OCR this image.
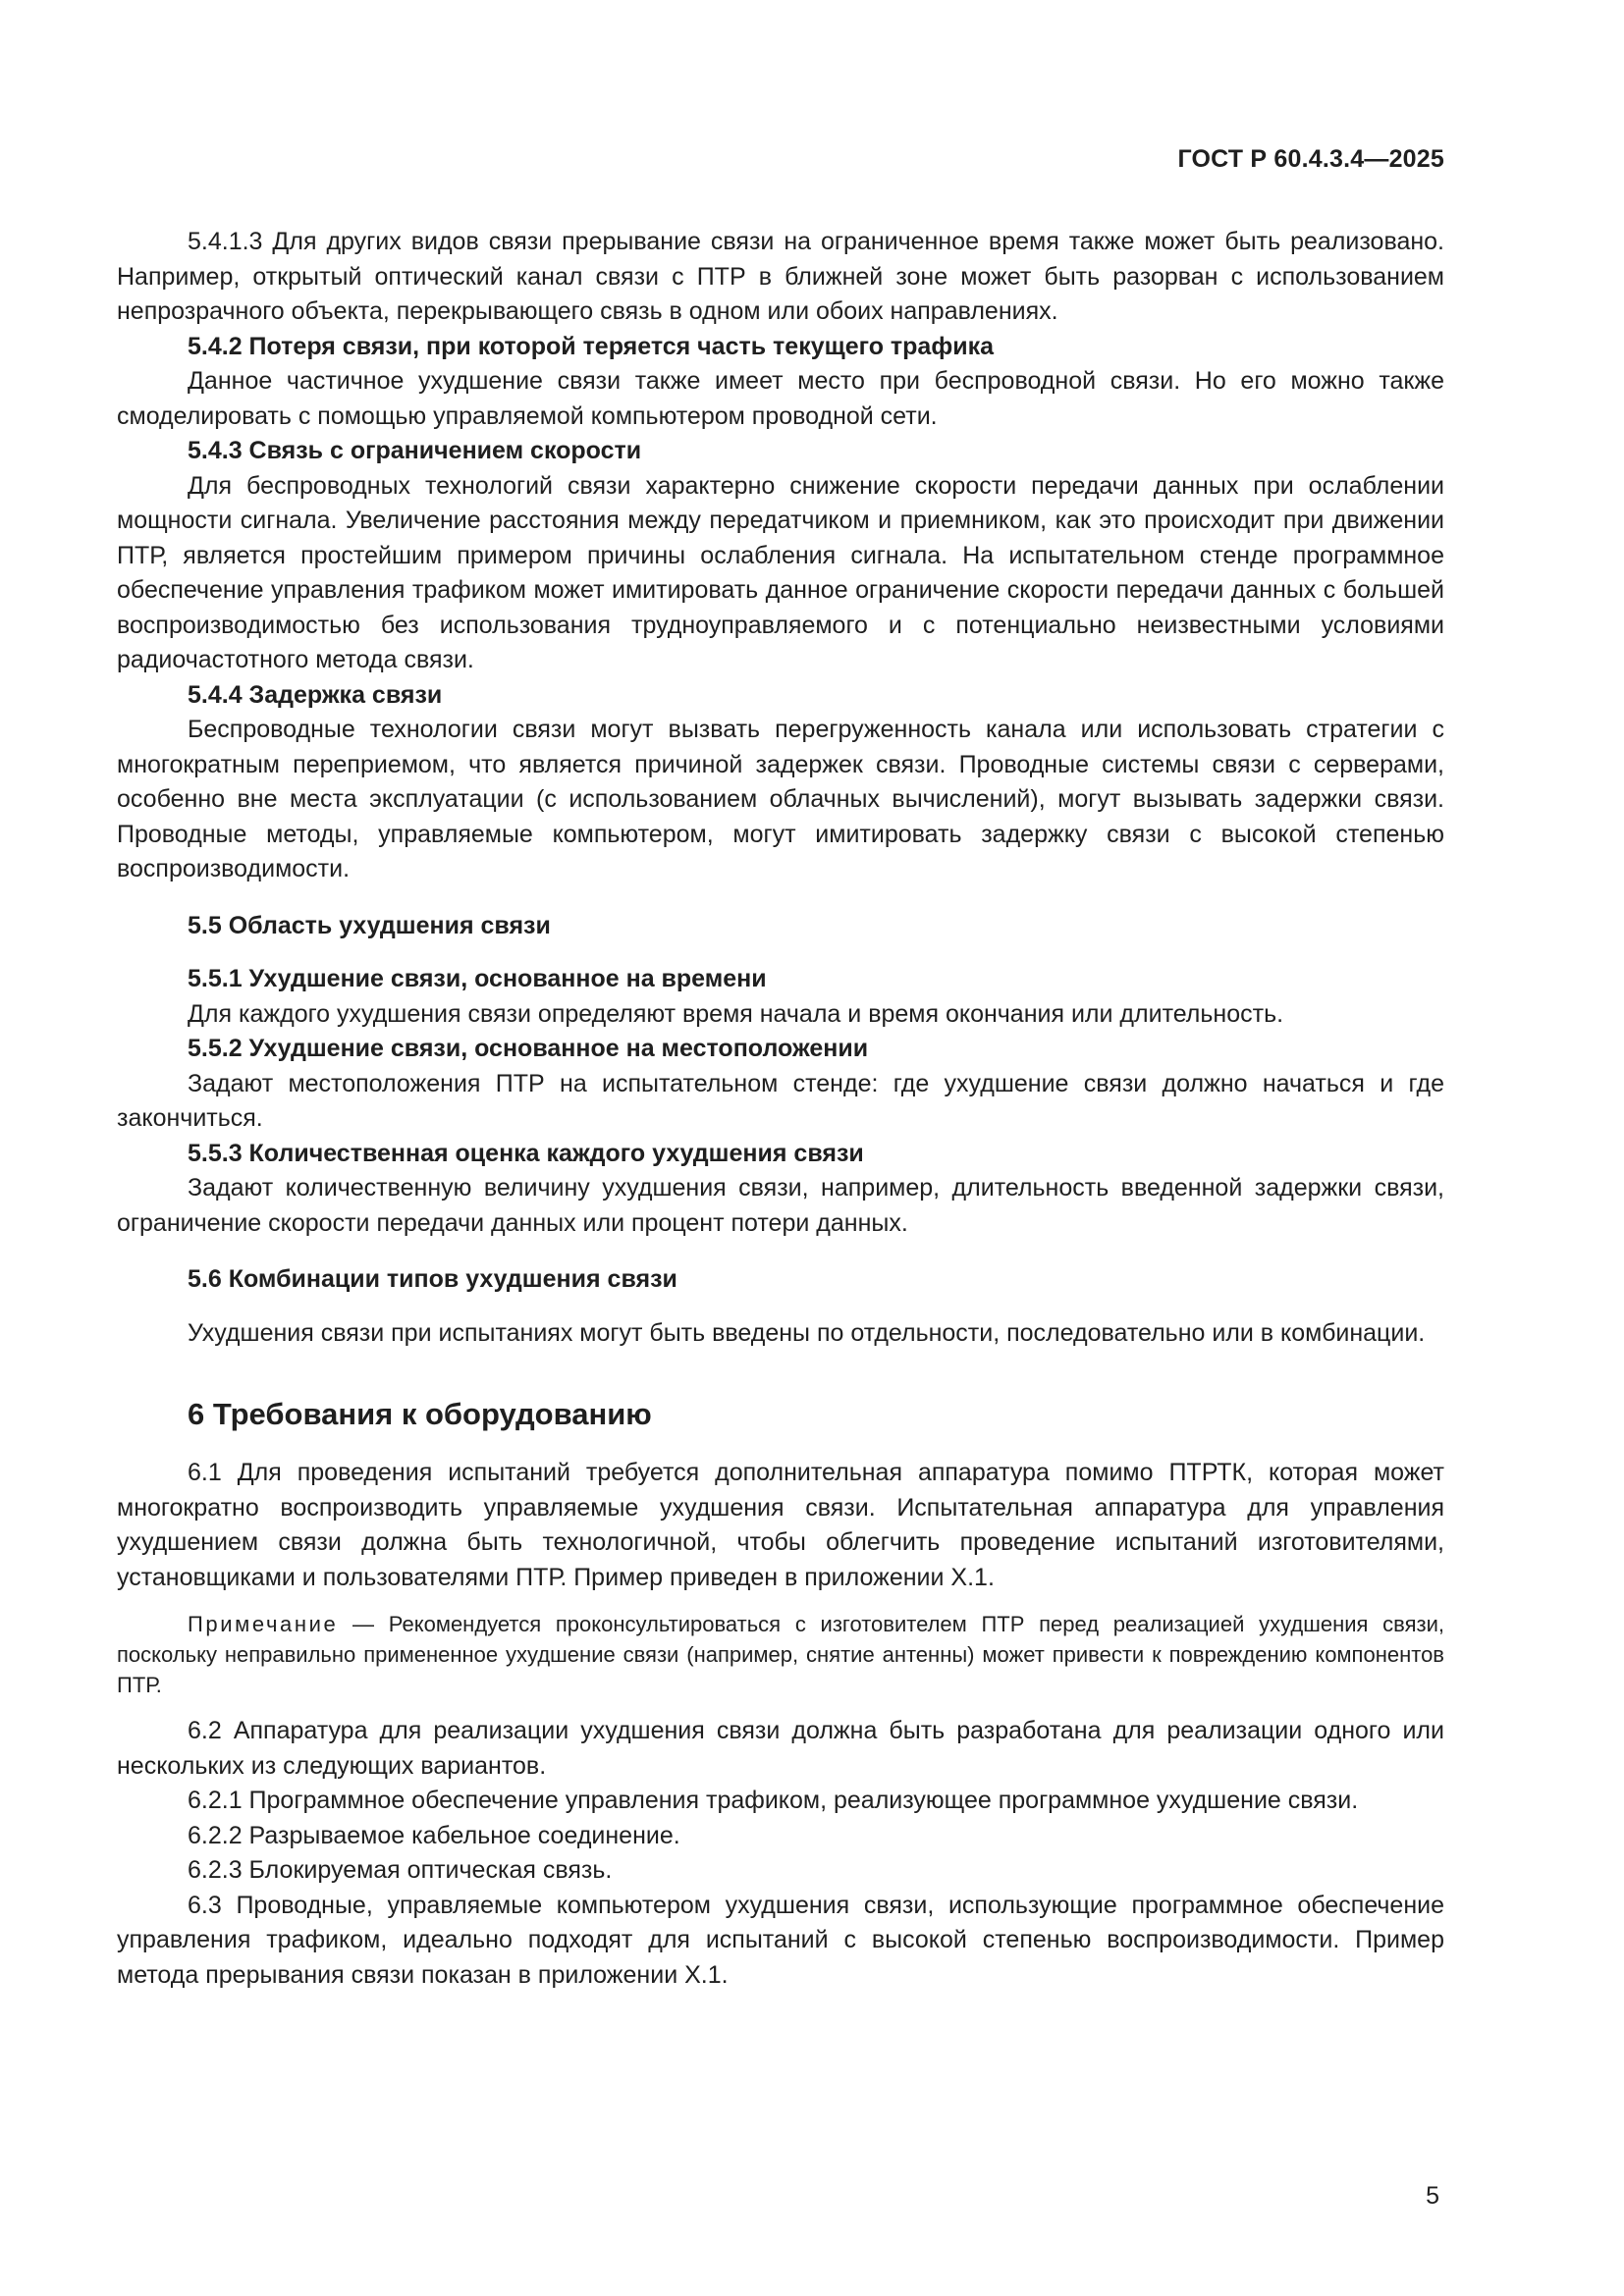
ГОСТ Р 60.4.3.4—2025

5.4.1.3 Для других видов связи прерывание связи на ограниченное время также может быть реализовано. Например, открытый оптический канал связи с ПТР в ближней зоне может быть разорван с использованием непрозрачного объекта, перекрывающего связь в одном или обоих направлениях.

5.4.2 Потеря связи, при которой теряется часть текущего трафика

Данное частичное ухудшение связи также имеет место при беспроводной связи. Но его можно также смоделировать с помощью управляемой компьютером проводной сети.

5.4.3 Связь с ограничением скорости

Для беспроводных технологий связи характерно снижение скорости передачи данных при ослаблении мощности сигнала. Увеличение расстояния между передатчиком и приемником, как это происходит при движении ПТР, является простейшим примером причины ослабления сигнала. На испытательном стенде программное обеспечение управления трафиком может имитировать данное ограничение скорости передачи данных с большей воспроизводимостью без использования трудноуправляемого и с потенциально неизвестными условиями радиочастотного метода связи.

5.4.4 Задержка связи

Беспроводные технологии связи могут вызвать перегруженность канала или использовать стратегии с многократным переприемом, что является причиной задержек связи. Проводные системы связи с серверами, особенно вне места эксплуатации (с использованием облачных вычислений), могут вызывать задержки связи. Проводные методы, управляемые компьютером, могут имитировать задержку связи с высокой степенью воспроизводимости.

5.5 Область ухудшения связи

5.5.1 Ухудшение связи, основанное на времени

Для каждого ухудшения связи определяют время начала и время окончания или длительность.

5.5.2 Ухудшение связи, основанное на местоположении

Задают местоположения ПТР на испытательном стенде: где ухудшение связи должно начаться и где закончиться.

5.5.3 Количественная оценка каждого ухудшения связи

Задают количественную величину ухудшения связи, например, длительность введенной задержки связи, ограничение скорости передачи данных или процент потери данных.

5.6 Комбинации типов ухудшения связи

Ухудшения связи при испытаниях могут быть введены по отдельности, последовательно или в комбинации.

6 Требования к оборудованию

6.1 Для проведения испытаний требуется дополнительная аппаратура помимо ПТРТК, которая может многократно воспроизводить управляемые ухудшения связи. Испытательная аппаратура для управления ухудшением связи должна быть технологичной, чтобы облегчить проведение испытаний изготовителями, установщиками и пользователями ПТР. Пример приведен в приложении Х.1.

Примечание — Рекомендуется проконсультироваться с изготовителем ПТР перед реализацией ухудшения связи, поскольку неправильно примененное ухудшение связи (например, снятие антенны) может привести к повреждению компонентов ПТР.

6.2 Аппаратура для реализации ухудшения связи должна быть разработана для реализации одного или нескольких из следующих вариантов.

6.2.1 Программное обеспечение управления трафиком, реализующее программное ухудшение связи.

6.2.2 Разрываемое кабельное соединение.

6.2.3 Блокируемая оптическая связь.

6.3 Проводные, управляемые компьютером ухудшения связи, использующие программное обеспечение управления трафиком, идеально подходят для испытаний с высокой степенью воспроизводимости. Пример метода прерывания связи показан в приложении Х.1.

5
